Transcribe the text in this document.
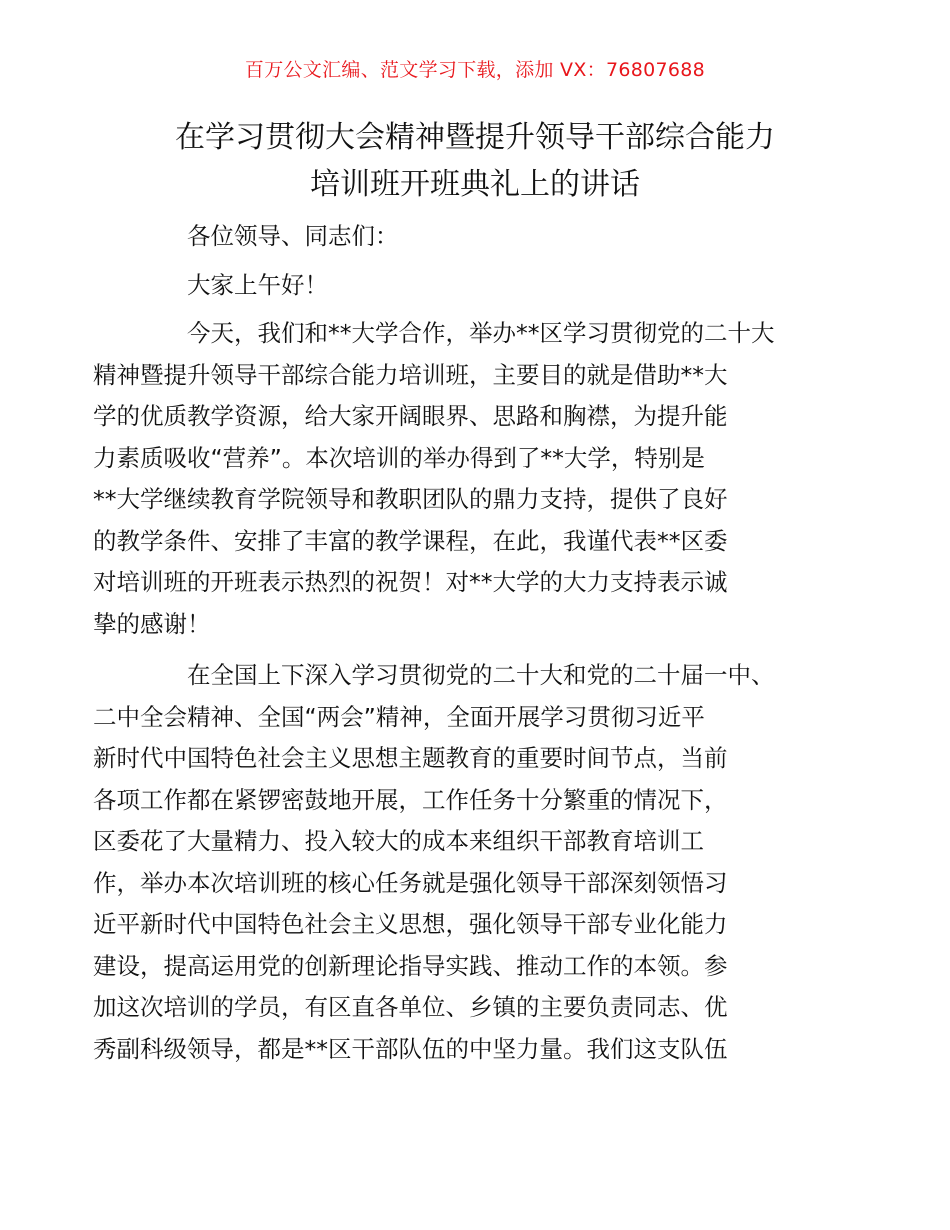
百万公文汇编、范文学习下载，添加 VX：76807688
在学习贯彻大会精神暨提升领导干部综合能力
培训班开班典礼上的讲话

各位领导、同志们：

大家上午好！

今天，我们和**大学合作，举办**区学习贯彻党的二十大
精神暨提升领导干部综合能力培训班，主要目的就是借助**大
学的优质教学资源，给大家开阔眼界、思路和胸襟，为提升能
力素质吸收“营养”。本次培训的举办得到了**大学，特别是
**大学继续教育学院领导和教职团队的鼎力支持，提供了良好
的教学条件、安排了丰富的教学课程，在此，我谨代表**区委
对培训班的开班表示热烈的祝贺！对**大学的大力支持表示诚
挚的感谢！

在全国上下深入学习贯彻党的二十大和党的二十届一中、
二中全会精神、全国“两会”精神，全面开展学习贯彻习近平
新时代中国特色社会主义思想主题教育的重要时间节点，当前
各项工作都在紧锣密鼓地开展，工作任务十分繁重的情况下，
区委花了大量精力、投入较大的成本来组织干部教育培训工
作，举办本次培训班的核心任务就是强化领导干部深刻领悟习
近平新时代中国特色社会主义思想，强化领导干部专业化能力
建设，提高运用党的创新理论指导实践、推动工作的本领。参
加这次培训的学员，有区直各单位、乡镇的主要负责同志、优
秀副科级领导，都是**区干部队伍的中坚力量。我们这支队伍
